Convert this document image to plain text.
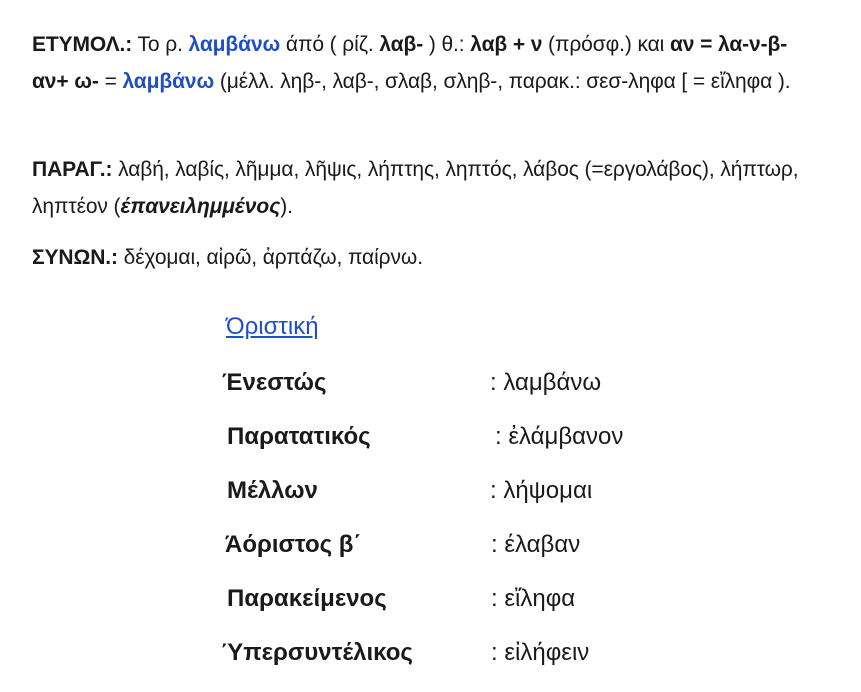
ΕΤΥΜΟΛ.: Το ρ. λαμβάνω άπό ( ρίζ. λαβ- ) θ.: λαβ + ν (πρόσφ.) και αν = λα-ν-β-αν+ ω- = λαμβάνω (μέλλ. ληβ-, λαβ-, σλαβ, σληβ-, παρακ.: σεσ-ληφα [ = εἴληφα ).
ΠΑΡΑΓ.: λαβή, λαβίς, λῆμμα, λῆψις, λήπτης, ληπτός, λάβος (=εργολάβος), λήπτωρ, ληπτέον (έπανειλημμένος).
ΣΥΝΩΝ.: δέχομαι, αἰρῶ, ἁρπάζω, παίρνω.
Όριστική
Ένεστώς	: λαμβάνω
Παρατατικός	: ἐλάμβανον
Μέλλων	: λήψομαι
Άόριστος β΄	: έλαβαν
Παρακείμενος	: εἴληφα
Ύπερσυντέλικος	: εἰλήφειν
